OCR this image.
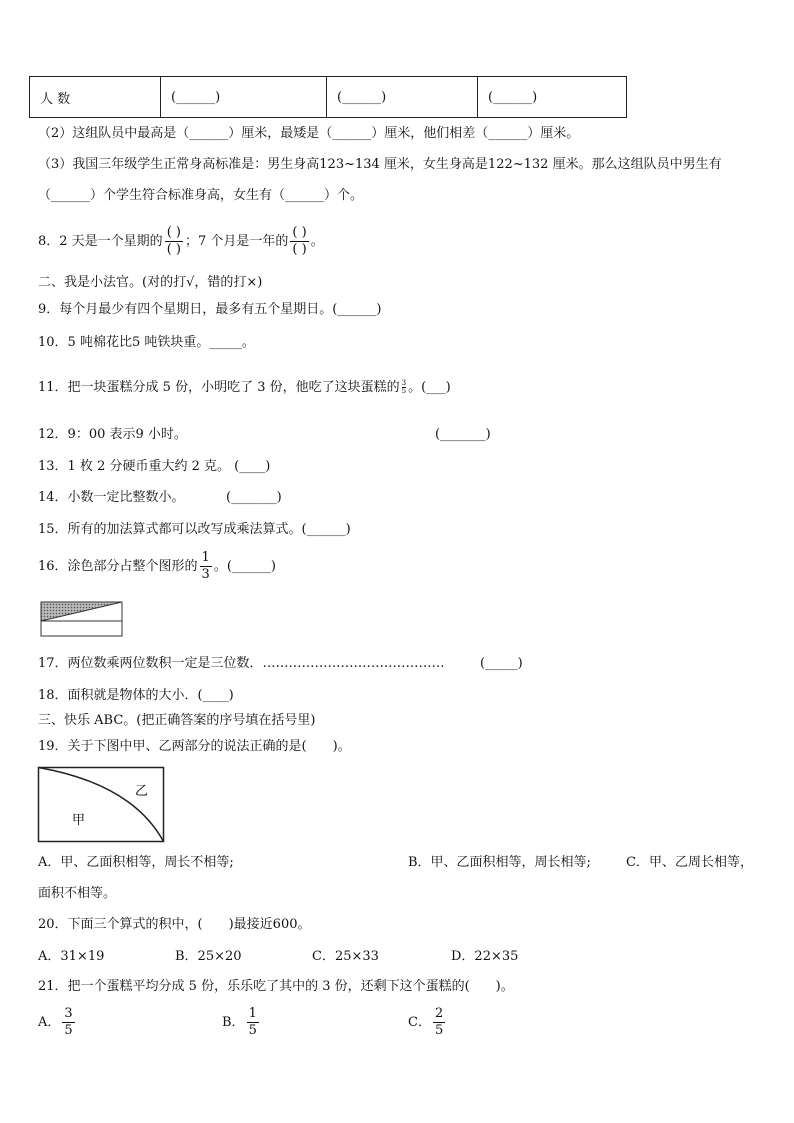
人 数	(______)	(______)	(______)
（2）这组队员中最高是（______）厘米，最矮是（______）厘米，他们相差（______）厘米。
（3）我国三年级学生正常身高标准是：男生身高123~134 厘米，女生身高是122~132 厘米。那么这组队员中男生有
（______）个学生符合标准身高，女生有（______）个。
8．2 天是一个星期的 $\frac{( )}{( )}$ ；7 个月是一年的 $\frac{( )}{( )}$ 。
二、我是小法官。(对的打√，错的打×)
9．每个月最少有四个星期日，最多有五个星期日。(______)
10．5 吨棉花比5 吨铁块重。_____。
11．把一块蛋糕分成 5 份，小明吃了 3 份，他吃了这块蛋糕的 $\frac{3}{5}$ 。(___)
12．9：00 表示9 小时。	(_______)
13．1 枚 2 分硬币重大约 2 克。 (____)
14．小数一定比整数小。	(_______)
15．所有的加法算式都可以改写成乘法算式。(______)
16．涂色部分占整个图形的 $\frac{1}{3}$ 。(______)
17．两位数乘两位数积一定是三位数．……………………………………	(_____)
18．面积就是物体的大小．(____)
三、快乐 ABC。(把正确答案的序号填在括号里)
19．关于下图中甲、乙两部分的说法正确的是(　　)。
乙
甲
A．甲、乙面积相等，周长不相等;	B．甲、乙面积相等，周长相等;	C．甲、乙周长相等，
面积不相等。
20．下面三个算式的积中，(　　)最接近600。
A．31×19	B．25×20	C．25×33	D．22×35
21．把一个蛋糕平均分成 5 份，乐乐吃了其中的 3 份，还剩下这个蛋糕的(　　)。
A． $\frac{3}{5}$	B． $\frac{1}{5}$	C． $\frac{2}{5}$
